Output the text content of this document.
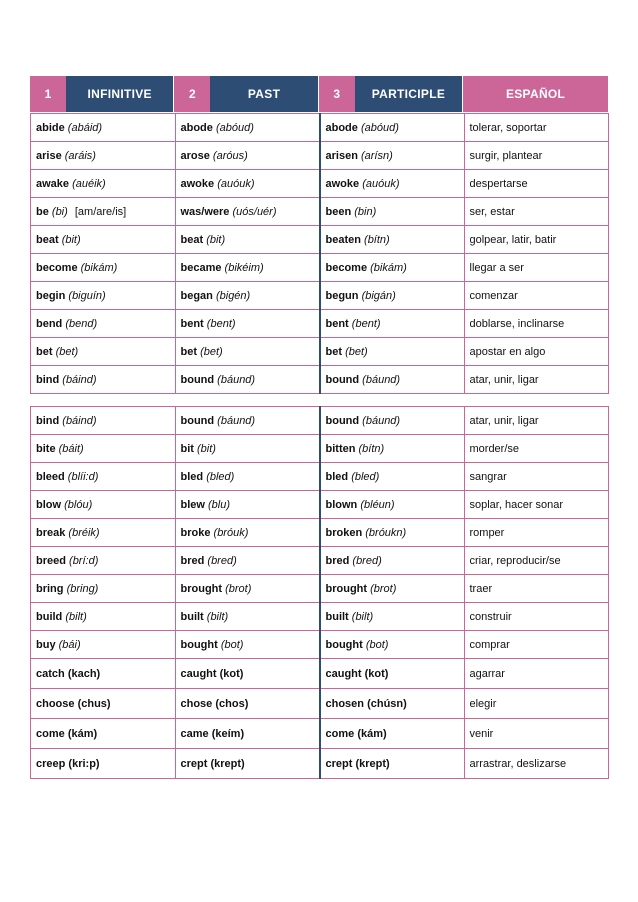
1	INFINITIVE	2	PAST	3	PARTICIPLE	ESPAÑOL
abide (abáid)	abode (abóud)	abode (abóud)	tolerar, soportar
arise (aráis)	arose (aróus)	arisen (arísn)	surgir, plantear
awake (auéik)	awoke (auóuk)	awoke (auóuk)	despertarse
be (bi) [am/are/is]	was/were (uós/uér)	been (bin)	ser, estar
beat (bit)	beat (bit)	beaten (bítn)	golpear, latir, batir
become (bikám)	became (bikéim)	become (bikám)	llegar a ser
begin (biguín)	began (bigén)	begun (bigán)	comenzar
bend (bend)	bent (bent)	bent (bent)	doblarse, inclinarse
bet (bet)	bet (bet)	bet (bet)	apostar en algo
bind (báind)	bound (báund)	bound (báund)	atar, unir, ligar
bind (báind)	bound (báund)	bound (báund)	atar, unir, ligar
bite (báit)	bit (bit)	bitten (bítn)	morder/se
bleed (blíi:d)	bled (bled)	bled (bled)	sangrar
blow (blóu)	blew (blu)	blown (bléun)	soplar, hacer sonar
break (bréik)	broke (bróuk)	broken (bróukn)	romper
breed (brí:d)	bred (bred)	bred (bred)	criar, reproducir/se
bring (bring)	brought (brot)	brought (brot)	traer
build (bilt)	built (bilt)	built (bilt)	construir
buy (bái)	bought (bot)	bought (bot)	comprar
catch (kach)	caught (kot)	caught (kot)	agarrar
choose (chus)	chose (chos)	chosen (chúsn)	elegir
come (kám)	came (keím)	come (kám)	venir
creep (kri:p)	crept (krept)	crept (krept)	arrastrar, deslizarse
